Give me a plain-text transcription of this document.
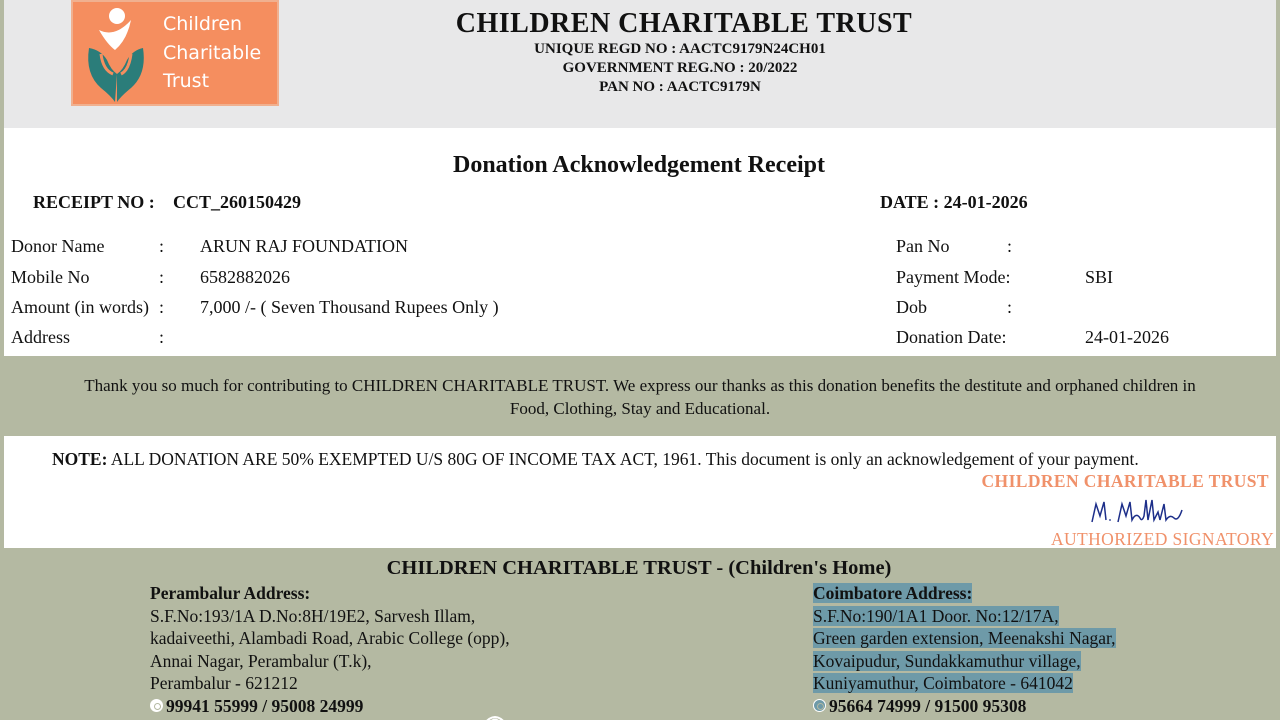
Children
Charitable
Trust
CHILDREN CHARITABLE TRUST
UNIQUE REGD NO : AACTC9179N24CH01
GOVERNMENT REG.NO : 20/2022
PAN NO : AACTC9179N
Donation Acknowledgement Receipt
RECEIPT NO : CCT_260150429	DATE : 24-01-2026
Donor Name	: ARUN RAJ FOUNDATION
Mobile No	: 6582882026
Amount (in words) : 7,000 /- ( Seven Thousand Rupees Only )
Address	:
Pan No	:
Payment Mode:	SBI
Dob	:
Donation Date:	24-01-2026
Thank you so much for contributing to CHILDREN CHARITABLE TRUST. We express our thanks as this donation benefits the destitute and orphaned children in
Food, Clothing, Stay and Educational.
NOTE: ALL DONATION ARE 50% EXEMPTED U/S 80G OF INCOME TAX ACT, 1961. This document is only an acknowledgement of your payment.
CHILDREN CHARITABLE TRUST
AUTHORIZED SIGNATORY
CHILDREN CHARITABLE TRUST - (Children's Home)
Perambalur Address:
S.F.No:193/1A D.No:8H/19E2, Sarvesh Illam,
kadaiveethi, Alambadi Road, Arabic College (opp),
Annai Nagar, Perambalur (T.k),
Perambalur - 621212
99941 55999 / 95008 24999
Coimbatore Address:
S.F.No:190/1A1 Door. No:12/17A,
Green garden extension, Meenakshi Nagar,
Kovaipudur, Sundakkamuthur village,
Kuniyamuthur, Coimbatore - 641042
95664 74999 / 91500 95308
